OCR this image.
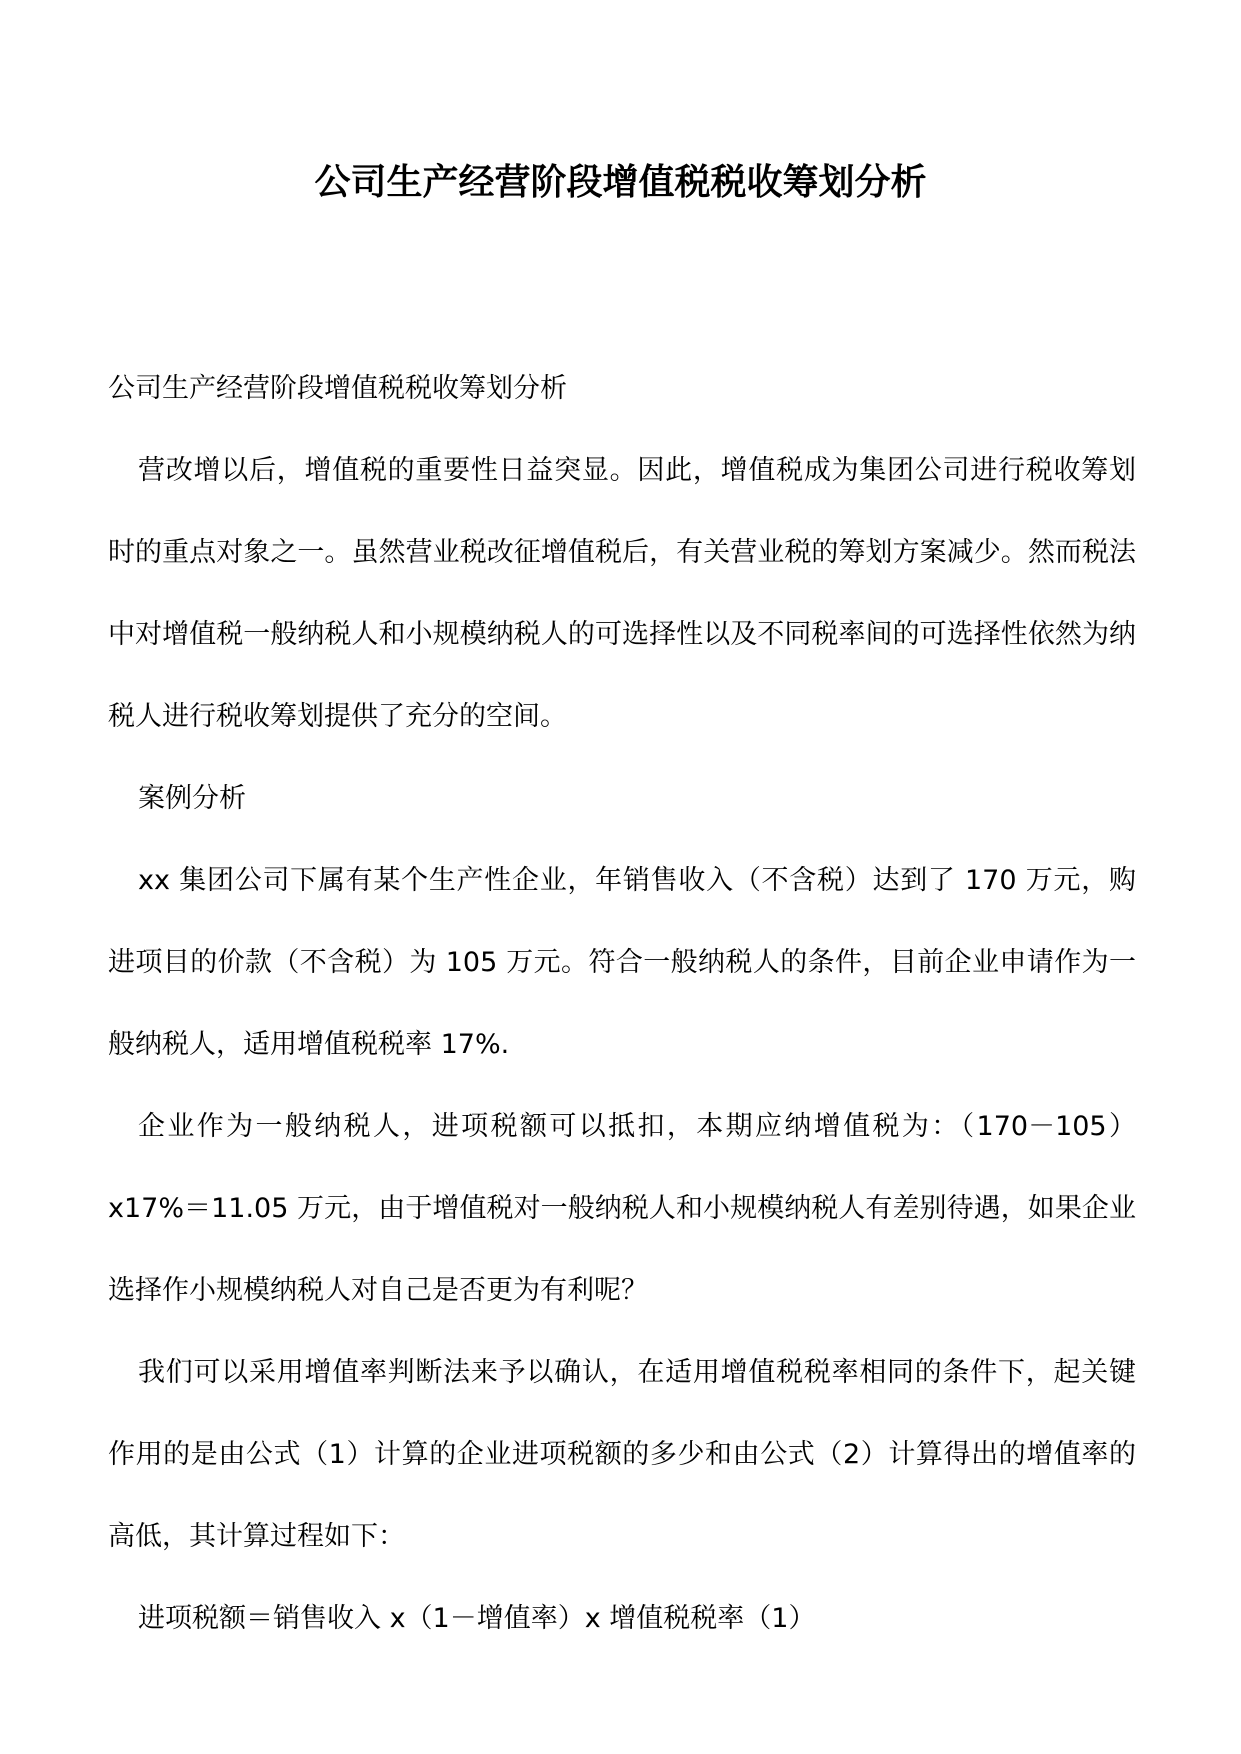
公司生产经营阶段增值税税收筹划分析

公司生产经营阶段增值税税收筹划分析

营改增以后，增值税的重要性日益突显。因此，增值税成为集团公司进行税收筹划时的重点对象之一。虽然营业税改征增值税后，有关营业税的筹划方案减少。然而税法中对增值税一般纳税人和小规模纳税人的可选择性以及不同税率间的可选择性依然为纳税人进行税收筹划提供了充分的空间。

案例分析

xx 集团公司下属有某个生产性企业，年销售收入（不含税）达到了 170 万元，购进项目的价款（不含税）为 105 万元。符合一般纳税人的条件，目前企业申请作为一般纳税人，适用增值税税率 17%.

企业作为一般纳税人，进项税额可以抵扣，本期应纳增值税为：（170－105）x17%＝11.05 万元，由于增值税对一般纳税人和小规模纳税人有差别待遇，如果企业选择作小规模纳税人对自己是否更为有利呢？

我们可以采用增值率判断法来予以确认，在适用增值税税率相同的条件下，起关键作用的是由公式（1）计算的企业进项税额的多少和由公式（2）计算得出的增值率的高低，其计算过程如下：

进项税额＝销售收入 x（1－增值率）x 增值税税率（1）
